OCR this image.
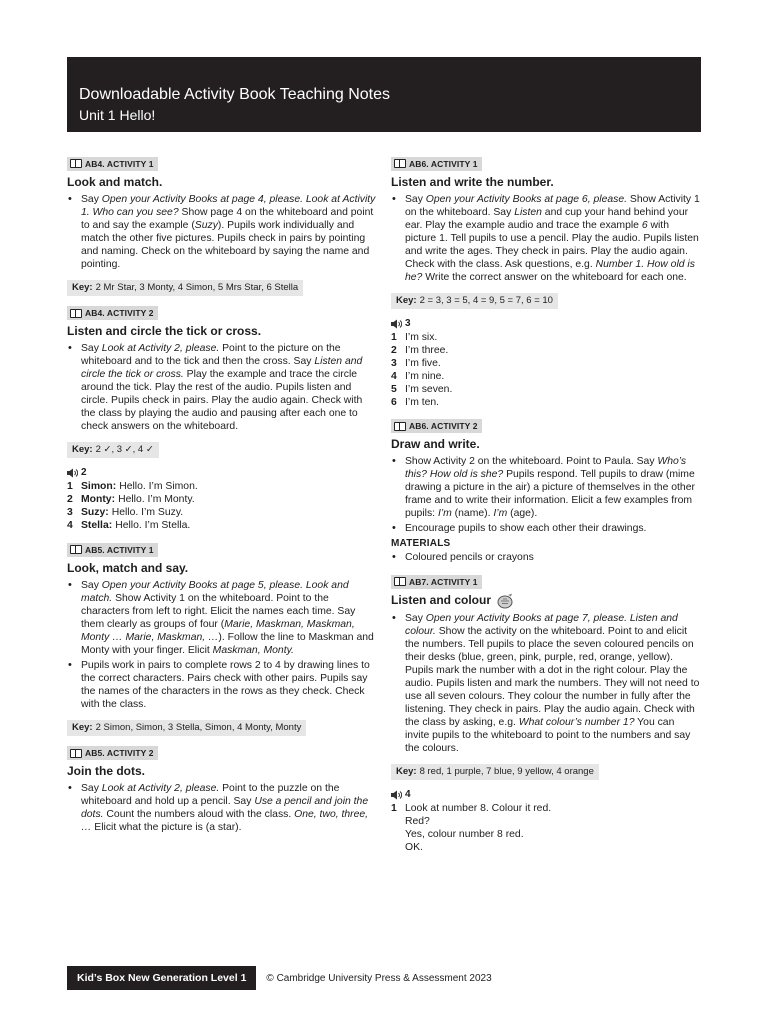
Downloadable Activity Book Teaching Notes
Unit 1 Hello!
AB4. ACTIVITY 1
Look and match.
• Say Open your Activity Books at page 4, please. Look at Activity 1. Who can you see? Show page 4 on the whiteboard and point to and say the example (Suzy). Pupils work individually and match the other five pictures. Pupils check in pairs by pointing and naming. Check on the whiteboard by saying the name and pointing.
Key: 2 Mr Star, 3 Monty, 4 Simon, 5 Mrs Star, 6 Stella
AB4. ACTIVITY 2
Listen and circle the tick or cross.
• Say Look at Activity 2, please. Point to the picture on the whiteboard and to the tick and then the cross. Say Listen and circle the tick or cross. Play the example and trace the circle around the tick. Play the rest of the audio. Pupils listen and circle. Pupils check in pairs. Play the audio again. Check with the class by playing the audio and pausing after each one to check answers on the whiteboard.
Key: 2 ✓, 3 ✓, 4 ✓
2
1 Simon: Hello. I’m Simon.
2 Monty: Hello. I’m Monty.
3 Suzy: Hello. I’m Suzy.
4 Stella: Hello. I’m Stella.
AB5. ACTIVITY 1
Look, match and say.
• Say Open your Activity Books at page 5, please. Look and match. Show Activity 1 on the whiteboard. Point to the characters from left to right. Elicit the names each time. Say them clearly as groups of four (Marie, Maskman, Maskman, Monty … Marie, Maskman, …). Follow the line to Maskman and Monty with your finger. Elicit Maskman, Monty.
• Pupils work in pairs to complete rows 2 to 4 by drawing lines to the correct characters. Pairs check with other pairs. Pupils say the names of the characters in the rows as they check. Check with the class.
Key: 2 Simon, Simon, 3 Stella, Simon, 4 Monty, Monty
AB5. ACTIVITY 2
Join the dots.
• Say Look at Activity 2, please. Point to the puzzle on the whiteboard and hold up a pencil. Say Use a pencil and join the dots. Count the numbers aloud with the class. One, two, three, … Elicit what the picture is (a star).
AB6. ACTIVITY 1
Listen and write the number.
• Say Open your Activity Books at page 6, please. Show Activity 1 on the whiteboard. Say Listen and cup your hand behind your ear. Play the example audio and trace the example 6 with picture 1. Tell pupils to use a pencil. Play the audio. Pupils listen and write the ages. They check in pairs. Play the audio again. Check with the class. Ask questions, e.g. Number 1. How old is he? Write the correct answer on the whiteboard for each one.
Key: 2 = 3, 3 = 5, 4 = 9, 5 = 7, 6 = 10
3
1 I’m six.
2 I’m three.
3 I’m five.
4 I’m nine.
5 I’m seven.
6 I’m ten.
AB6. ACTIVITY 2
Draw and write.
• Show Activity 2 on the whiteboard. Point to Paula. Say Who’s this? How old is she? Pupils respond. Tell pupils to draw (mime drawing a picture in the air) a picture of themselves in the other frame and to write their information. Elicit a few examples from pupils: I’m (name). I’m (age).
• Encourage pupils to show each other their drawings.
MATERIALS
• Coloured pencils or crayons
AB7. ACTIVITY 1
Listen and colour
• Say Open your Activity Books at page 7, please. Listen and colour. Show the activity on the whiteboard. Point to and elicit the numbers. Tell pupils to place the seven coloured pencils on their desks (blue, green, pink, purple, red, orange, yellow). Pupils mark the number with a dot in the right colour. Play the audio. Pupils listen and mark the numbers. They will not need to use all seven colours. They colour the number in fully after the listening. They check in pairs. Play the audio again. Check with the class by asking, e.g. What colour’s number 1? You can invite pupils to the whiteboard to point to the numbers and say the colours.
Key: 8 red, 1 purple, 7 blue, 9 yellow, 4 orange
4
1 Look at number 8. Colour it red.
Red?
Yes, colour number 8 red.
OK.
Kid’s Box New Generation Level 1	© Cambridge University Press & Assessment 2023
